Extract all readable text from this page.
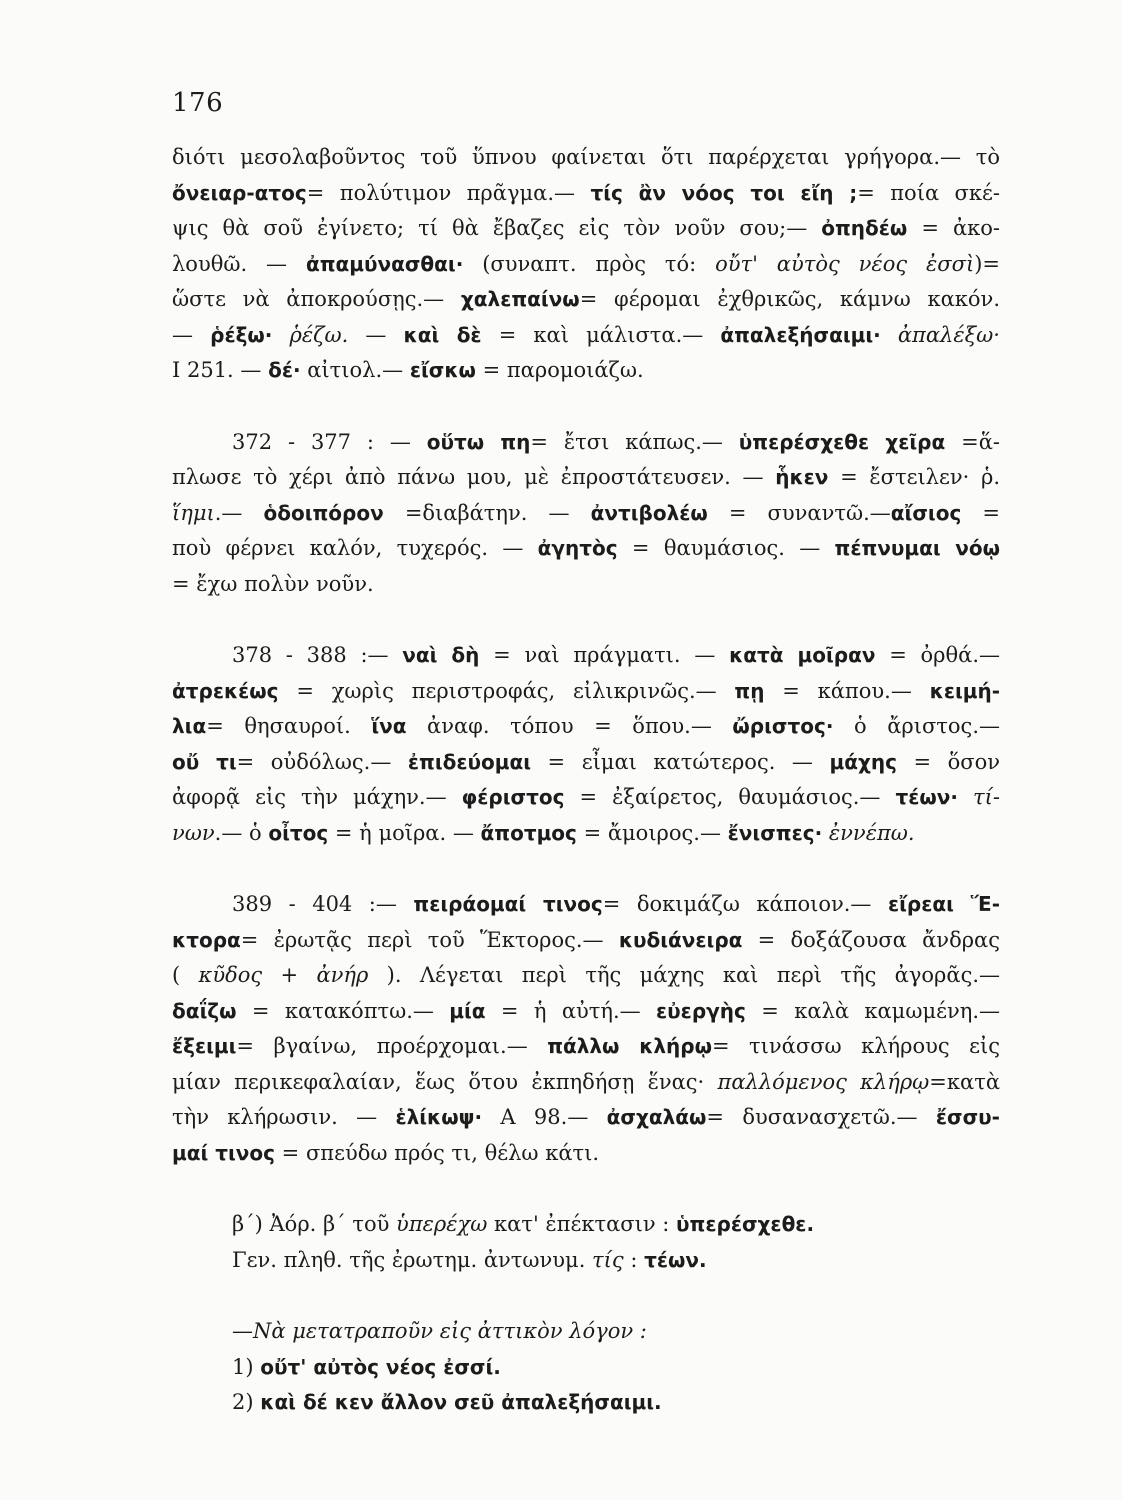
176
διότι μεσολαβοῦντος τοῦ ὕπνου φαίνεται ὅτι παρέρχεται γρήγορα.— τὸ
ὄνειαρ-ατος= πολύτιμον πρᾶγμα.— τίς ἂν νόος τοι εἴη ;= ποία σκέ-
ψις θὰ σοῦ ἐγίνετο; τί θὰ ἔβαζες εἰς τὸν νοῦν σου;— ὀπηδέω = ἀκο-
λουθῶ. — ἀπαμύνασθαι· (συναπτ. πρὸς τό: οὔτ' αὐτὸς νέος ἐσσὶ)=
ὥστε νὰ ἀποκρούσῃς.— χαλεπαίνω= φέρομαι ἐχθρικῶς, κάμνω κακόν.
— ῥέξω· ῥέζω. — καὶ δὲ = καὶ μάλιστα.— ἀπαλεξήσαιμι· ἀπαλέξω·
Ι 251. — δέ· αἰτιολ.— εἴσκω = παρομοιάζω.
372 - 377 : — οὕτω πη= ἔτσι κάπως.— ὑπερέσχεθε χεῖρα =ἅ-
πλωσε τὸ χέρι ἀπὸ πάνω μου, μὲ ἐπροστάτευσεν. — ἧκεν = ἔστειλεν· ῥ.
ἵημι.— ὁδοιπόρον =διαβάτην. — ἀντιβολέω = συναντῶ.—αἴσιος =
ποὺ φέρνει καλόν, τυχερός. — ἀγητὸς = θαυμάσιος. — πέπνυμαι νόῳ
= ἔχω πολὺν νοῦν.
378 - 388 :— ναὶ δὴ = ναὶ πράγματι. — κατὰ μοῖραν = ὀρθά.—
ἀτρεκέως = χωρὶς περιστροφάς, εἰλικρινῶς.— πῃ = κάπου.— κειμή-
λια= θησαυροί. ἵνα ἀναφ. τόπου = ὅπου.— ὤριστος· ὁ ἄριστος.—
οὔ τι= οὐδόλως.— ἐπιδεύομαι = εἶμαι κατώτερος. — μάχης = ὅσον
ἀφορᾷ εἰς τὴν μάχην.— φέριστος = ἐξαίρετος, θαυμάσιος.— τέων· τί-
νων.— ὁ οἶτος = ἡ μοῖρα. — ἄποτμος = ἄμοιρος.— ἔνισπες· ἐννέπω.
389 - 404 :— πειράομαί τινος= δοκιμάζω κάποιον.— εἴρεαι Ἕ-
κτορα= ἐρωτᾷς περὶ τοῦ Ἕκτορος.— κυδιάνειρα = δοξάζουσα ἄνδρας
( κῦδος + ἀνήρ ). Λέγεται περὶ τῆς μάχης καὶ περὶ τῆς ἀγορᾶς.—
δαΐζω = κατακόπτω.— μία = ἡ αὐτή.— εὐεργὴς = καλὰ καμωμένη.—
ἔξειμι= βγαίνω, προέρχομαι.— πάλλω κλήρῳ= τινάσσω κλήρους εἰς
μίαν περικεφαλαίαν, ἕως ὅτου ἐκπηδήσῃ ἕνας· παλλόμενος κλήρῳ=κατὰ
τὴν κλήρωσιν. — ἑλίκωψ· Α 98.— ἀσχαλάω= δυσανασχετῶ.— ἔσσυ-
μαί τινος = σπεύδω πρός τι, θέλω κάτι.
β΄) Ἀόρ. β΄ τοῦ ὑπερέχω κατ' ἐπέκτασιν : ὑπερέσχεθε.
Γεν. πληθ. τῆς ἐρωτημ. ἀντωνυμ. τίς : τέων.
—Νὰ μετατραποῦν εἰς ἀττικὸν λόγον :
1) οὔτ' αὐτὸς νέος ἐσσί.
2) καὶ δέ κεν ἄλλον σεῦ ἀπαλεξήσαιμι.
